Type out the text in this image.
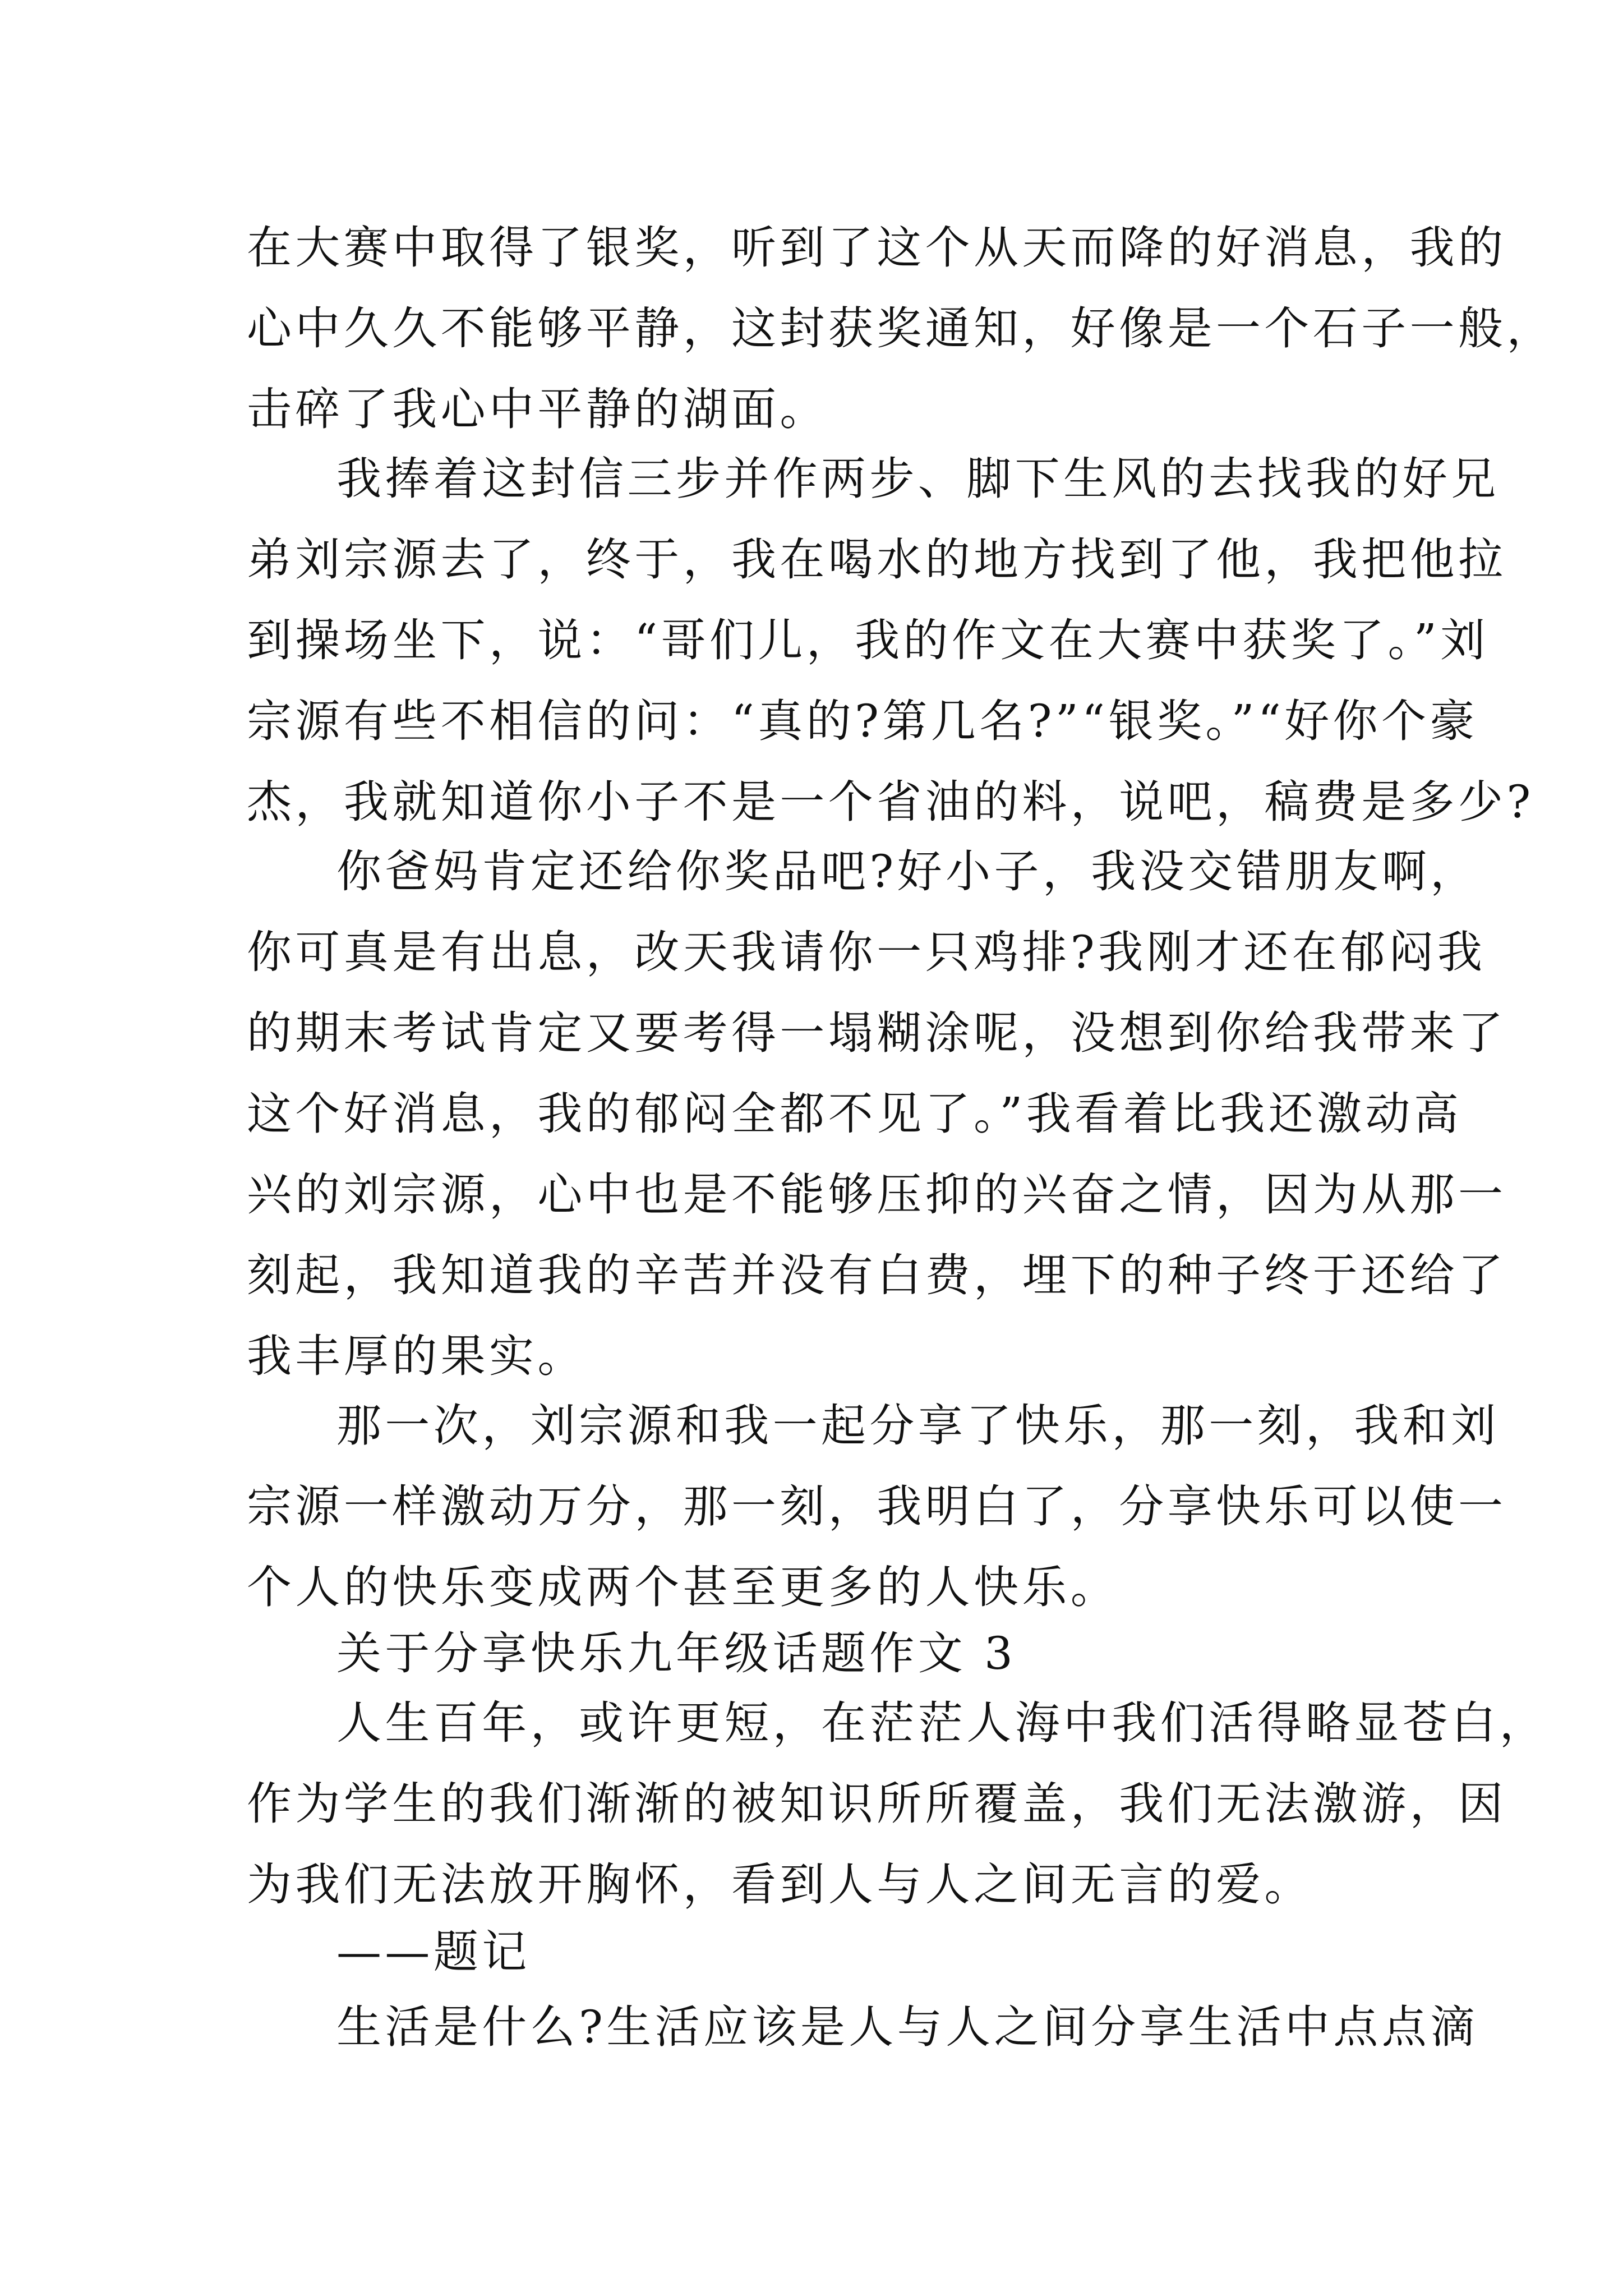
在大赛中取得了银奖，听到了这个从天而降的好消息，我的
心中久久不能够平静，这封获奖通知，好像是一个石子一般，
击碎了我心中平静的湖面。
我捧着这封信三步并作两步、脚下生风的去找我的好兄
弟刘宗源去了，终于，我在喝水的地方找到了他，我把他拉
到操场坐下，说：“哥们儿，我的作文在大赛中获奖了。”刘
宗源有些不相信的问：“真的?第几名?”“银奖。”“好你个豪
杰，我就知道你小子不是一个省油的料，说吧，稿费是多少?
你爸妈肯定还给你奖品吧?好小子，我没交错朋友啊，
你可真是有出息，改天我请你一只鸡排?我刚才还在郁闷我
的期末考试肯定又要考得一塌糊涂呢，没想到你给我带来了
这个好消息，我的郁闷全都不见了。”我看着比我还激动高
兴的刘宗源，心中也是不能够压抑的兴奋之情，因为从那一
刻起，我知道我的辛苦并没有白费，埋下的种子终于还给了
我丰厚的果实。
那一次，刘宗源和我一起分享了快乐，那一刻，我和刘
宗源一样激动万分，那一刻，我明白了，分享快乐可以使一
个人的快乐变成两个甚至更多的人快乐。
关于分享快乐九年级话题作文 3
人生百年，或许更短，在茫茫人海中我们活得略显苍白，
作为学生的我们渐渐的被知识所所覆盖，我们无法激游，因
为我们无法放开胸怀，看到人与人之间无言的爱。
——题记
生活是什么?生活应该是人与人之间分享生活中点点滴
